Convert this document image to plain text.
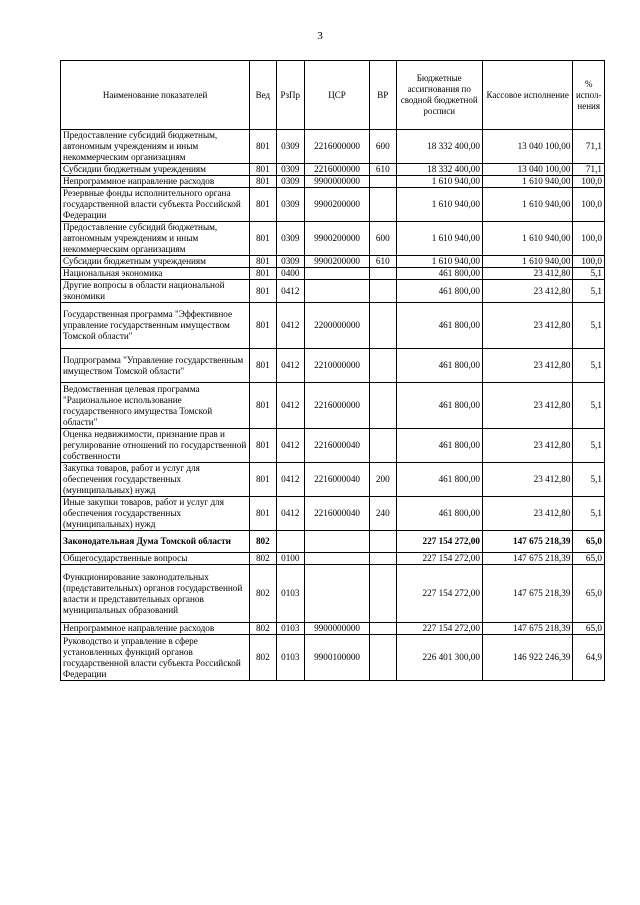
3
Наименование показателей	Вед	РзПр	ЦСР	ВР	Бюджетные ассигнования по сводной бюджетной росписи	Кассовое исполнение	% испол-нения
Предоставление субсидий бюджетным, автономным учреждениям и иным некоммерческим организациям	801	0309	2216000000	600	18 332 400,00	13 040 100,00	71,1
Субсидии бюджетным учреждениям	801	0309	2216000000	610	18 332 400,00	13 040 100,00	71,1
Непрограммное направление расходов	801	0309	9900000000		1 610 940,00	1 610 940,00	100,0
Резервные фонды исполнительного органа государственной власти субъекта Российской Федерации	801	0309	9900200000		1 610 940,00	1 610 940,00	100,0
Предоставление субсидий бюджетным, автономным учреждениям и иным некоммерческим организациям	801	0309	9900200000	600	1 610 940,00	1 610 940,00	100,0
Субсидии бюджетным учреждениям	801	0309	9900200000	610	1 610 940,00	1 610 940,00	100,0
Национальная экономика	801	0400			461 800,00	23 412,80	5,1
Другие вопросы в области национальной экономики	801	0412			461 800,00	23 412,80	5,1
Государственная программа "Эффективное управление государственным имуществом Томской области"	801	0412	2200000000		461 800,00	23 412,80	5,1
Подпрограмма "Управление государственным имуществом Томской области"	801	0412	2210000000		461 800,00	23 412,80	5,1
Ведомственная целевая программа "Рациональное использование государственного имущества Томской области"	801	0412	2216000000		461 800,00	23 412,80	5,1
Оценка недвижимости, признание прав и регулирование отношений по государственной собственности	801	0412	2216000040		461 800,00	23 412,80	5,1
Закупка товаров, работ и услуг для обеспечения государственных (муниципальных) нужд	801	0412	2216000040	200	461 800,00	23 412,80	5,1
Иные закупки товаров, работ и услуг для обеспечения государственных (муниципальных) нужд	801	0412	2216000040	240	461 800,00	23 412,80	5,1
Законодательная Дума Томской области	802				227 154 272,00	147 675 218,39	65,0
Общегосударственные вопросы	802	0100			227 154 272,00	147 675 218,39	65,0
Функционирование законодательных (представительных) органов государственной власти и представительных органов муниципальных образований	802	0103			227 154 272,00	147 675 218,39	65,0
Непрограммное направление расходов	802	0103	9900000000		227 154 272,00	147 675 218,39	65,0
Руководство и управление в сфере установленных функций органов государственной власти субъекта Российской Федерации	802	0103	9900100000		226 401 300,00	146 922 246,39	64,9
